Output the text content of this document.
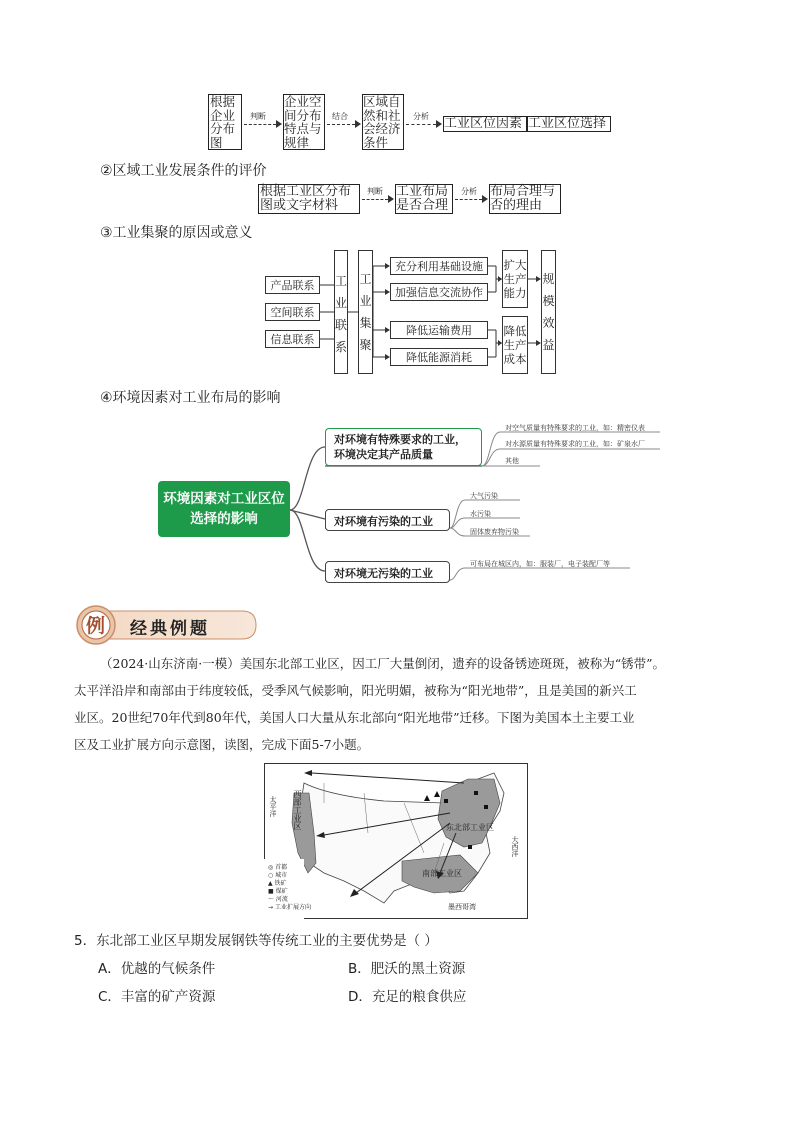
根据企业分布图
判断
企业空间分布特点与规律
结合
区域自然和社会经济条件
分析 工业区位因素 工业区位选择
②区域工业发展条件的评价
根据工业区分布图或文字材料
判断 工业布局是否合理
分析 布局合理与否的理由
③工业集聚的原因或意义
产品联系
空间联系
信息联系
工业联系
工业集聚
充分利用基础设施
加强信息交流协作
降低运输费用
降低能源消耗
扩大生产能力
降低生产成本
规模效益
④环境因素对工业布局的影响
环境因素对工业区位选择的影响
对环境有特殊要求的工业，环境决定其产品质量
对环境有污染的工业
对环境无污染的工业
对空气质量有特殊要求的工业，如：精密仪表
对水源质量有特殊要求的工业，如：矿泉水厂
其他
大气污染
水污染
固体废弃物污染
可布局在城区内，如：服装厂，电子装配厂等
例 经典例题
（2024·山东济南·一模）美国东北部工业区，因工厂大量倒闭，遗弃的设备锈迹斑斑，被称为“锈带”。
太平洋沿岸和南部由于纬度较低，受季风气候影响，阳光明媚，被称为“阳光地带”，且是美国的新兴工
业区。20世纪70年代到80年代，美国人口大量从东北部向“阳光地带”迁移。下图为美国本土主要工业
区及工业扩展方向示意图，读图，完成下面5-7小题。
西部工业区	东北部工业区
南部工业区
太平洋
大西洋
墨西哥湾
◎ 首都
○ 城市
▲ 铁矿
■ 煤矿
〜 河流
→ 工业扩展方向
5．东北部工业区早期发展钢铁等传统工业的主要优势是（ ）
A．优越的气候条件	B．肥沃的黑土资源
C．丰富的矿产资源	D．充足的粮食供应
